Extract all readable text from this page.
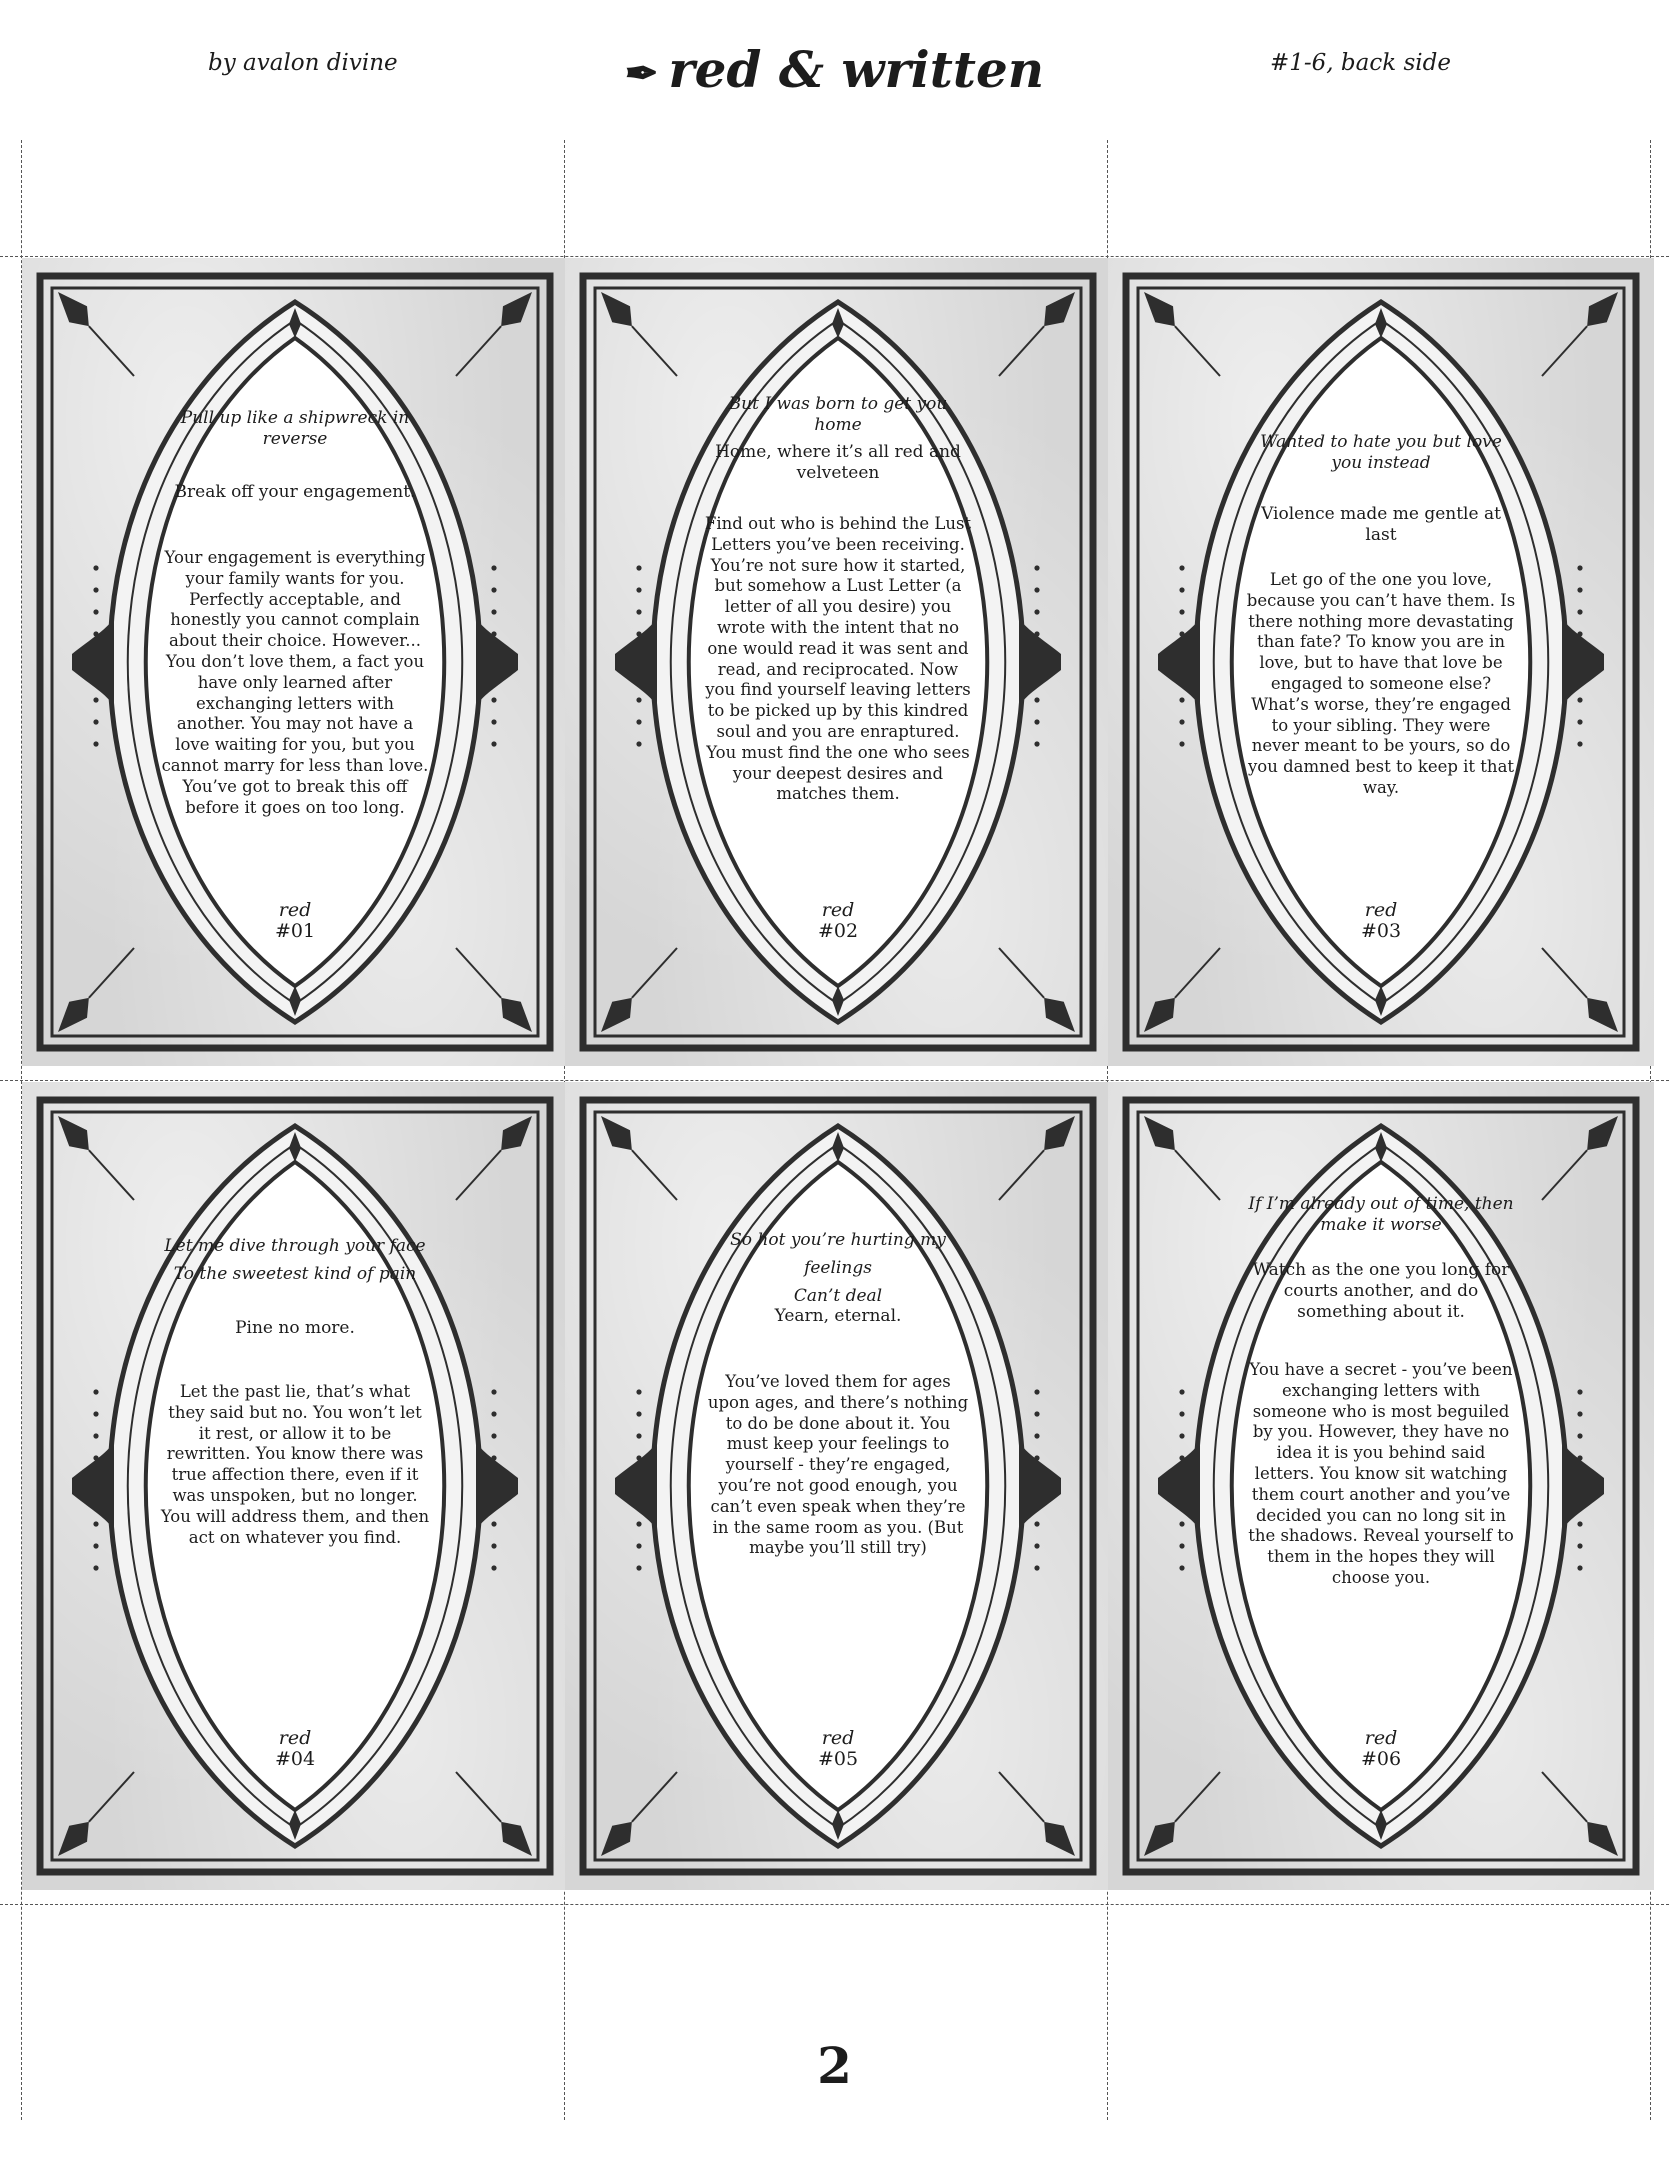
by avalon divine	✒ red & written	#1-6, back side
Pull up like a shipwreck in reverse
Break off your engagement.
Your engagement is everything your family wants for you. Perfectly acceptable, and honestly you cannot complain about their choice. However... You don’t love them, a fact you have only learned after exchanging letters with another. You may not have a love waiting for you, but you cannot marry for less than love. You’ve got to break this off before it goes on too long.
red
#01
But I was born to get you home
Home, where it’s all red and velveteen
Find out who is behind the Lust Letters you’ve been receiving. You’re not sure how it started, but somehow a Lust Letter (a letter of all you desire) you wrote with the intent that no one would read it was sent and read, and reciprocated. Now you find yourself leaving letters to be picked up by this kindred soul and you are enraptured. You must find the one who sees your deepest desires and matches them.
red
#02
Wanted to hate you but love you instead
Violence made me gentle at last
Let go of the one you love, because you can’t have them. Is there nothing more devastating than fate? To know you are in love, but to have that love be engaged to someone else? What’s worse, they’re engaged to your sibling. They were never meant to be yours, so do you damned best to keep it that way.
red
#03
Let me dive through your face
To the sweetest kind of pain
Pine no more.
Let the past lie, that’s what they said but no. You won’t let it rest, or allow it to be rewritten. You know there was true affection there, even if it was unspoken, but no longer. You will address them, and then act on whatever you find.
red
#04
So hot you’re hurting my feelings
Can’t deal
Yearn, eternal.
You’ve loved them for ages upon ages, and there’s nothing to do be done about it. You must keep your feelings to yourself - they’re engaged, you’re not good enough, you can’t even speak when they’re in the same room as you. (But maybe you’ll still try)
red
#05
If I’m already out of time, then make it worse
Watch as the one you long for courts another, and do something about it.
You have a secret - you’ve been exchanging letters with someone who is most beguiled by you. However, they have no idea it is you behind said letters. You know sit watching them court another and you’ve decided you can no long sit in the shadows. Reveal yourself to them in the hopes they will choose you.
red
#06
2
